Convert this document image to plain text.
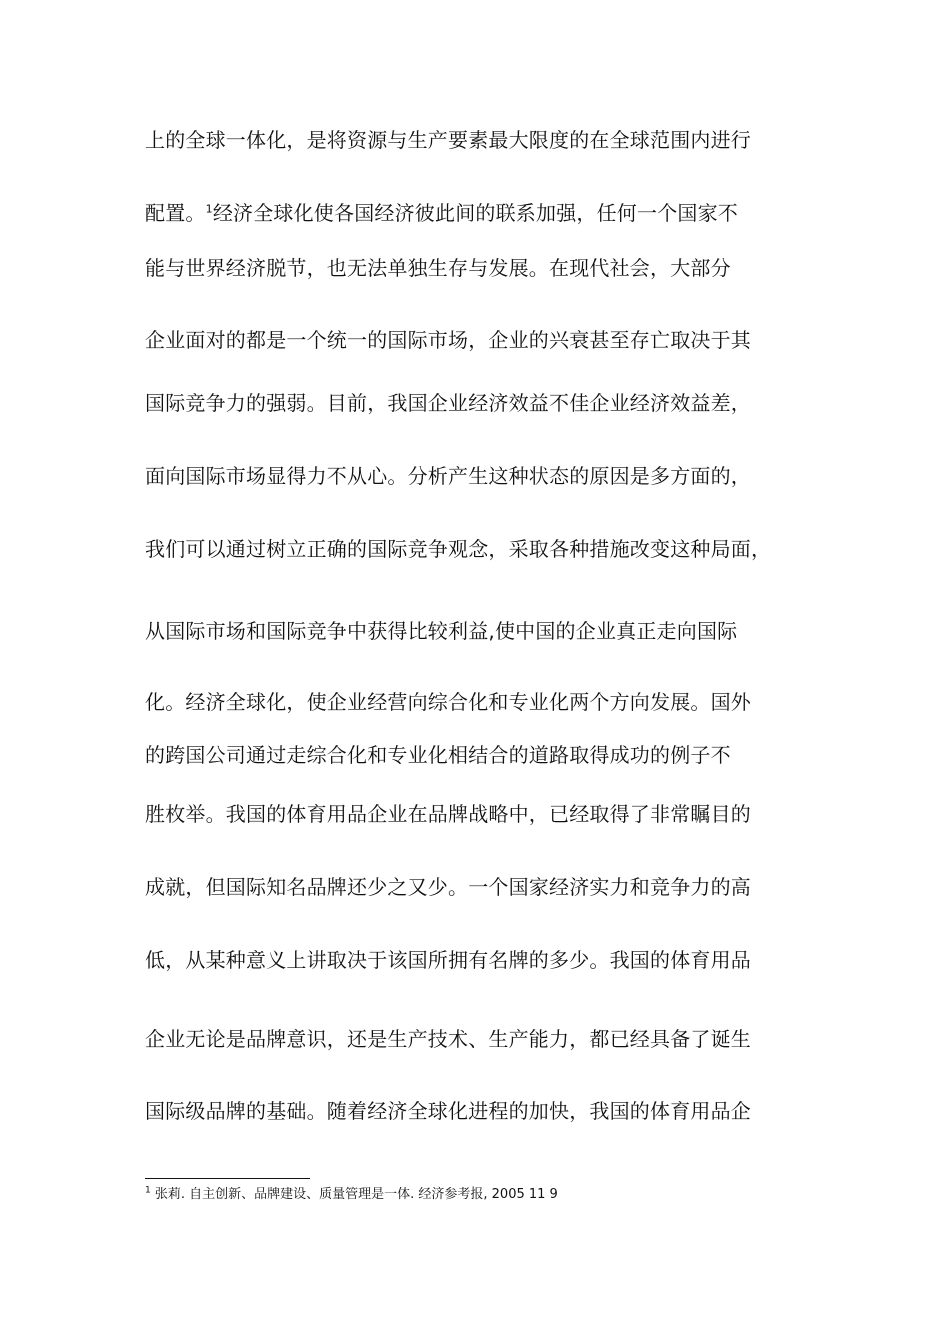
上的全球一体化，是将资源与生产要素最大限度的在全球范围内进行
配置。$^1$经济全球化使各国经济彼此间的联系加强，任何一个国家不
能与世界经济脱节，也无法单独生存与发展。在现代社会，大部分
企业面对的都是一个统一的国际市场，企业的兴衰甚至存亡取决于其
国际竞争力的强弱。目前，我国企业经济效益不佳企业经济效益差，
面向国际市场显得力不从心。分析产生这种状态的原因是多方面的，
我们可以通过树立正确的国际竞争观念，采取各种措施改变这种局面，
从国际市场和国际竞争中获得比较利益,使中国的企业真正走向国际
化。经济全球化，使企业经营向综合化和专业化两个方向发展。国外
的跨国公司通过走综合化和专业化相结合的道路取得成功的例子不
胜枚举。我国的体育用品企业在品牌战略中，已经取得了非常瞩目的
成就，但国际知名品牌还少之又少。一个国家经济实力和竞争力的高
低，从某种意义上讲取决于该国所拥有名牌的多少。我国的体育用品
企业无论是品牌意识，还是生产技术、生产能力，都已经具备了诞生
国际级品牌的基础。随着经济全球化进程的加快，我国的体育用品企
$^1$ 张莉. 自主创新、品牌建设、质量管理是一体. 经济参考报, 2005 11 9
